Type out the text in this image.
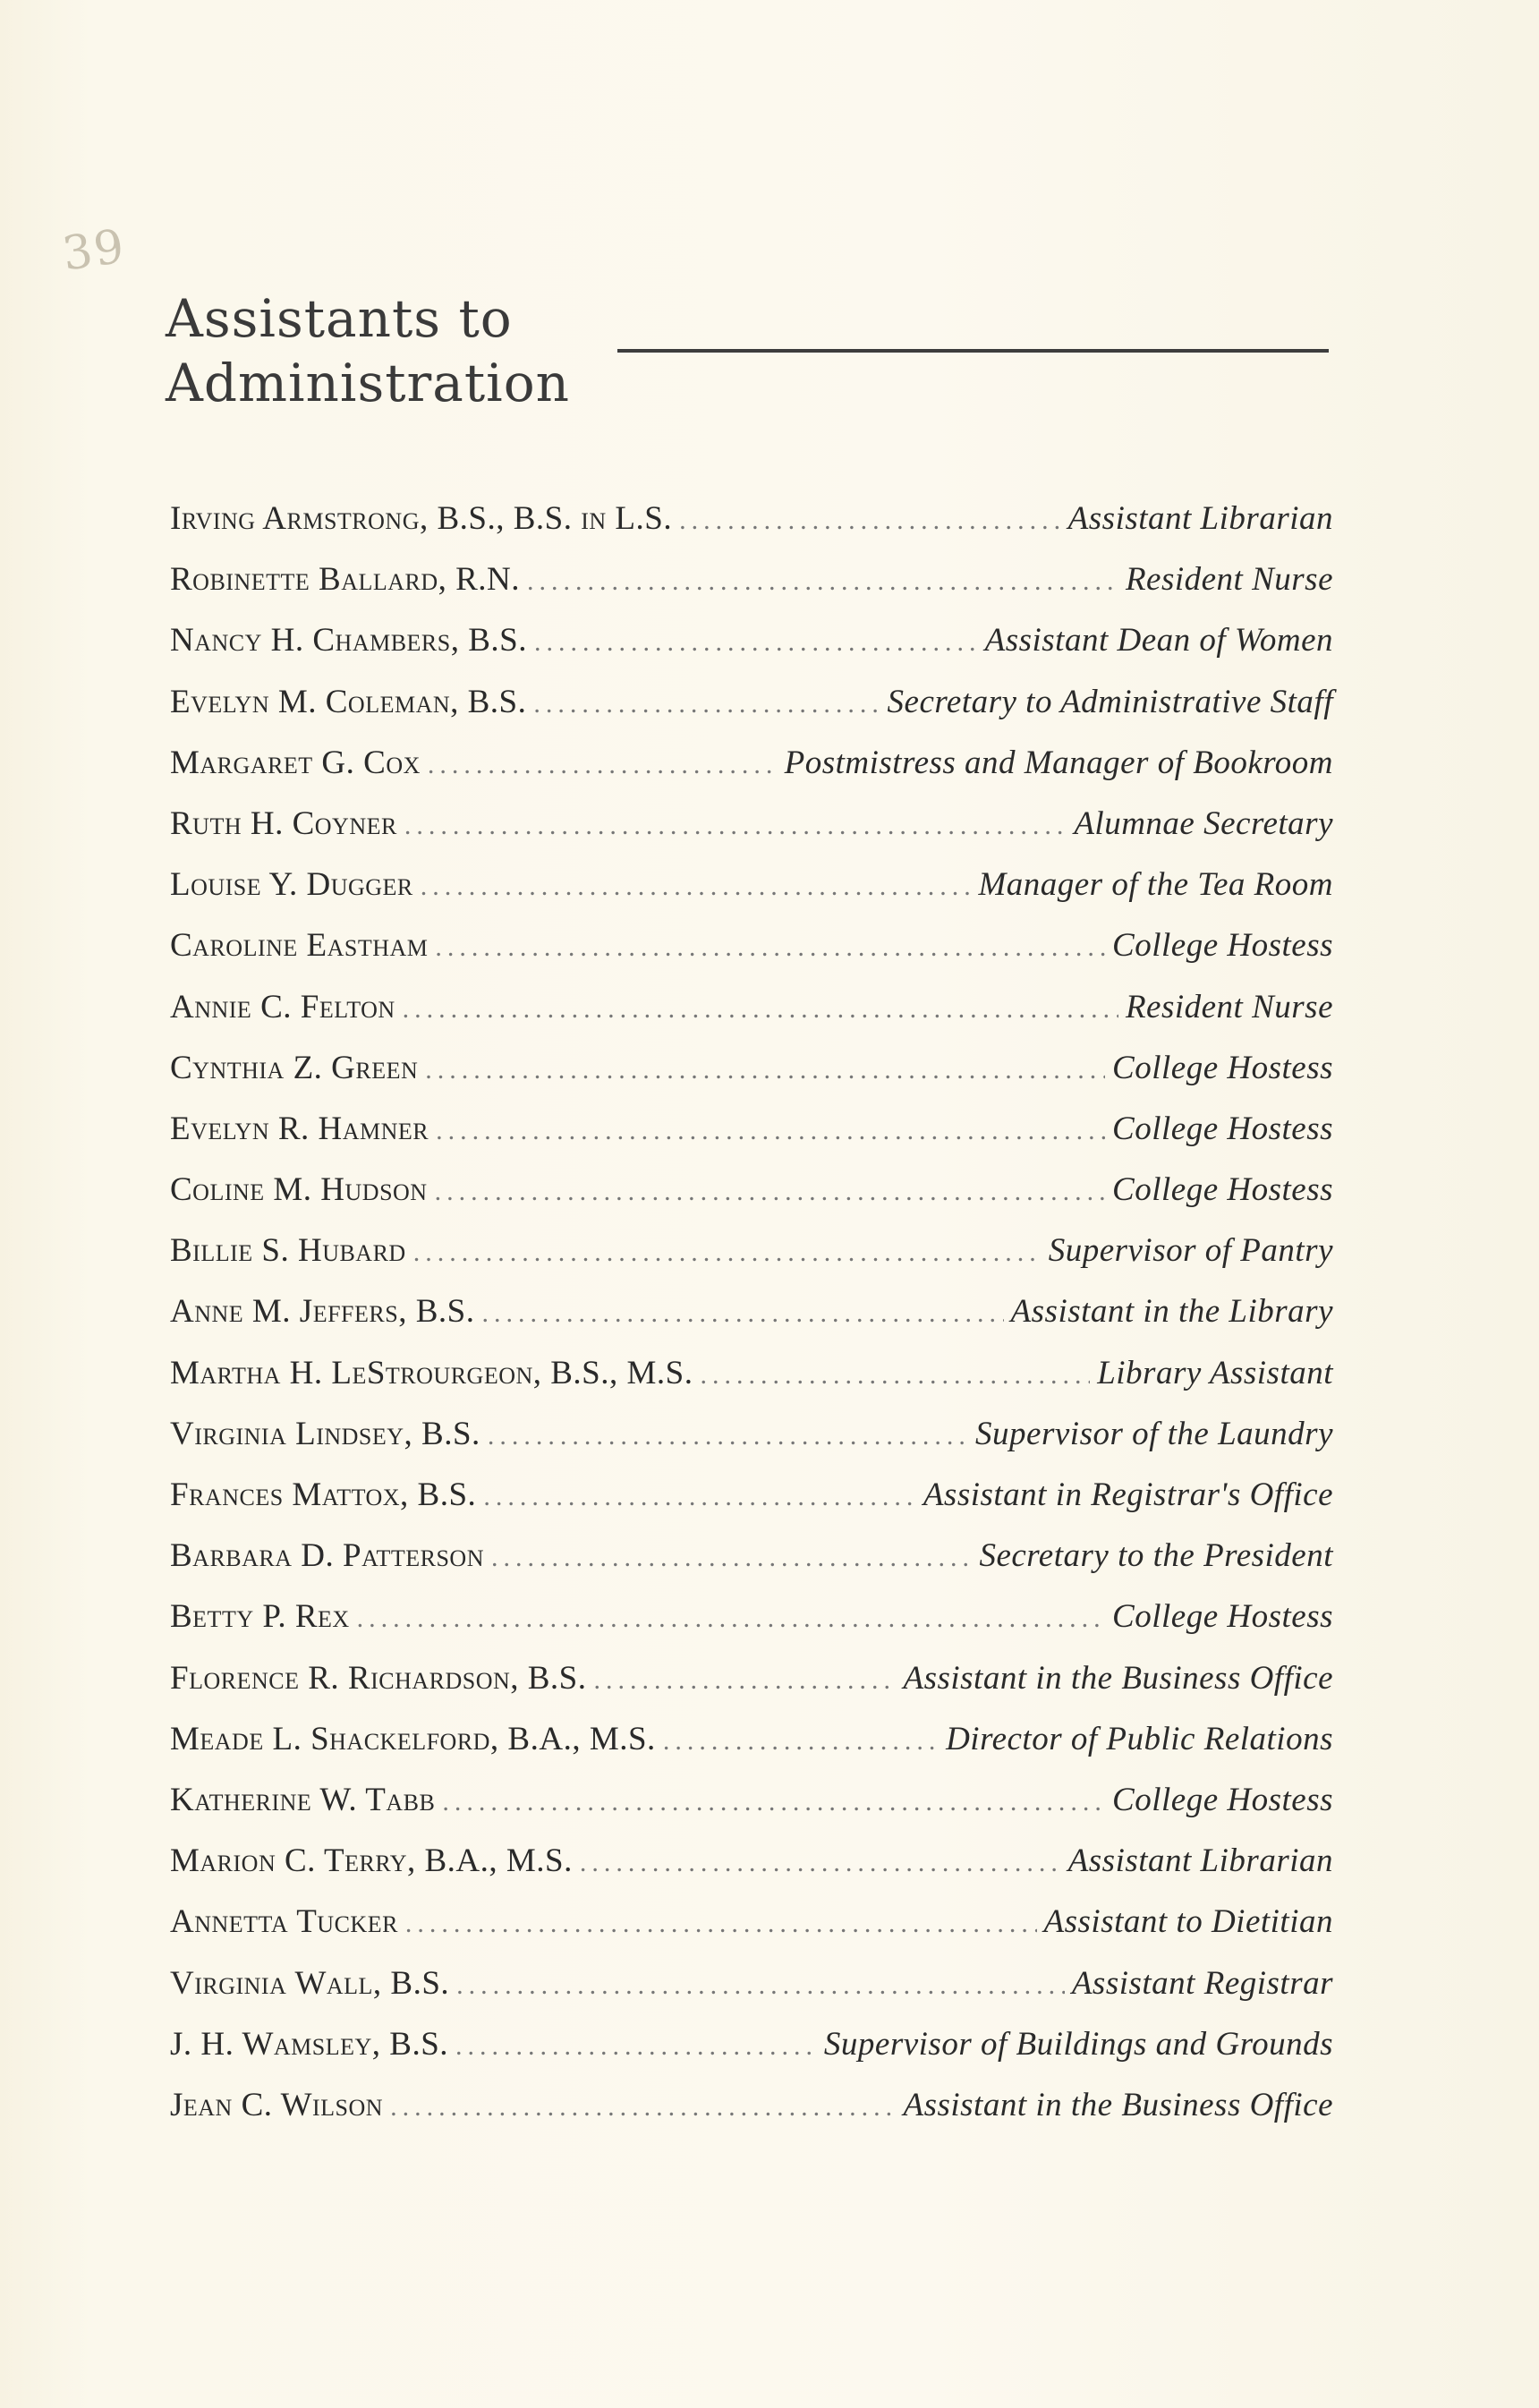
39
Assistants to
Administration
Irving Armstrong, B.S., B.S. in L.S. .....	Assistant Librarian
Robinette Ballard, R.N. .....	Resident Nurse
Nancy H. Chambers, B.S. .....	Assistant Dean of Women
Evelyn M. Coleman, B.S. .....	Secretary to Administrative Staff
Margaret G. Cox .....	Postmistress and Manager of Bookroom
Ruth H. Coyner .....	Alumnae Secretary
Louise Y. Dugger .....	Manager of the Tea Room
Caroline Eastham .....	College Hostess
Annie C. Felton .....	Resident Nurse
Cynthia Z. Green .....	College Hostess
Evelyn R. Hamner .....	College Hostess
Coline M. Hudson .....	College Hostess
Billie S. Hubard .....	Supervisor of Pantry
Anne M. Jeffers, B.S. .....	Assistant in the Library
Martha H. LeStrourgeon, B.S., M.S. .....	Library Assistant
Virginia Lindsey, B.S. .....	Supervisor of the Laundry
Frances Mattox, B.S. .....	Assistant in Registrar's Office
Barbara D. Patterson .....	Secretary to the President
Betty P. Rex .....	College Hostess
Florence R. Richardson, B.S. .....	Assistant in the Business Office
Meade L. Shackelford, B.A., M.S. .....	Director of Public Relations
Katherine W. Tabb .....	College Hostess
Marion C. Terry, B.A., M.S. .....	Assistant Librarian
Annetta Tucker .....	Assistant to Dietitian
Virginia Wall, B.S. .....	Assistant Registrar
J. H. Wamsley, B.S. .....	Supervisor of Buildings and Grounds
Jean C. Wilson .....	Assistant in the Business Office
